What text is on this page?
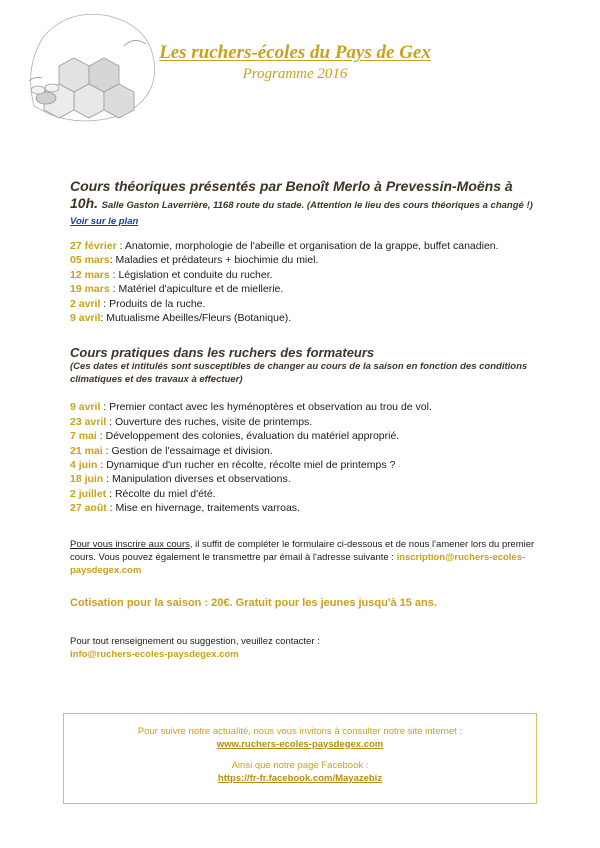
Les ruchers-écoles du Pays de Gex
Programme 2016
Cours théoriques présentés par Benoît Merlo à Prevessin-Moëns à 10h. Salle Gaston Laverrière, 1168 route du stade. (Attention le lieu des cours théoriques a changé !) Voir sur le plan
27 février : Anatomie, morphologie de l'abeille et organisation de la grappe, buffet canadien.
05 mars: Maladies et prédateurs + biochimie du miel.
12 mars : Législation et conduite du rucher.
19 mars : Matériel d'apiculture et de miellerie.
2 avril : Produits de la ruche.
9 avril: Mutualisme Abeilles/Fleurs (Botanique).
Cours pratiques dans les ruchers des formateurs
(Ces dates et intitulés sont susceptibles de changer au cours de la saison en fonction des conditions climatiques et des travaux à effectuer)
9 avril : Premier contact avec les hyménoptères et observation au trou de vol.
23 avril : Ouverture des ruches, visite de printemps.
7 mai : Développement des colonies, évaluation du matériel approprié.
21 mai : Gestion de l'essaimage et division.
4 juin : Dynamique d'un rucher en récolte, récolte miel de printemps ?
18 juin : Manipulation diverses et observations.
2 juillet : Récolte du miel d'été.
27 août : Mise en hivernage, traitements varroas.
Pour vous inscrire aux cours, il suffit de compléter le formulaire ci-dessous et de nous l'amener lors du premier cours. Vous pouvez également le transmettre par émail à l'adresse suivante : inscription@ruchers-ecoles-paysdegex.com
Cotisation pour la saison : 20€. Gratuit pour les jeunes jusqu'à 15 ans.
Pour tout renseignement ou suggestion, veuillez contacter :
info@ruchers-ecoles-paysdegex.com
Pour suivre notre actualité, nous vous invitons à consulter notre site internet :
www.ruchers-ecoles-paysdegex.com
Ainsi que notre page Facebook :
https://fr-fr.facebook.com/Mayazebiz
